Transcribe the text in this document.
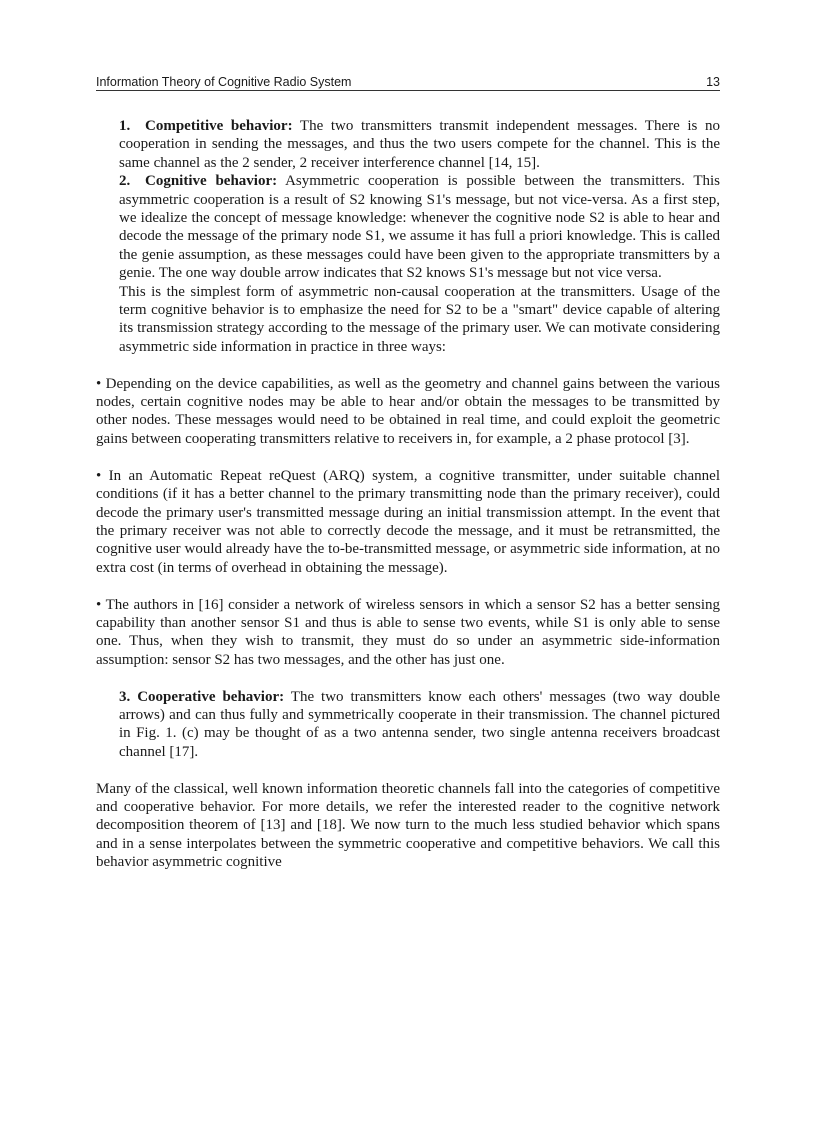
Information Theory of Cognitive Radio System	13

1. Competitive behavior: The two transmitters transmit independent messages. There is no cooperation in sending the messages, and thus the two users compete for the channel. This is the same channel as the 2 sender, 2 receiver interference channel [14, 15].

2. Cognitive behavior: Asymmetric cooperation is possible between the transmitters. This asymmetric cooperation is a result of S2 knowing S1's message, but not vice-versa. As a first step, we idealize the concept of message knowledge: whenever the cognitive node S2 is able to hear and decode the message of the primary node S1, we assume it has full a priori knowledge. This is called the genie assumption, as these messages could have been given to the appropriate transmitters by a genie. The one way double arrow indicates that S2 knows S1's message but not vice versa.

This is the simplest form of asymmetric non-causal cooperation at the transmitters. Usage of the term cognitive behavior is to emphasize the need for S2 to be a "smart" device capable of altering its transmission strategy according to the message of the primary user. We can motivate considering asymmetric side information in practice in three ways:

• Depending on the device capabilities, as well as the geometry and channel gains between the various nodes, certain cognitive nodes may be able to hear and/or obtain the messages to be transmitted by other nodes. These messages would need to be obtained in real time, and could exploit the geometric gains between cooperating transmitters relative to receivers in, for example, a 2 phase protocol [3].

• In an Automatic Repeat reQuest (ARQ) system, a cognitive transmitter, under suitable channel conditions (if it has a better channel to the primary transmitting node than the primary receiver), could decode the primary user's transmitted message during an initial transmission attempt. In the event that the primary receiver was not able to correctly decode the message, and it must be retransmitted, the cognitive user would already have the to-be-transmitted message, or asymmetric side information, at no extra cost (in terms of overhead in obtaining the message).

• The authors in [16] consider a network of wireless sensors in which a sensor S2 has a better sensing capability than another sensor S1 and thus is able to sense two events, while S1 is only able to sense one. Thus, when they wish to transmit, they must do so under an asymmetric side-information assumption: sensor S2 has two messages, and the other has just one.

3. Cooperative behavior: The two transmitters know each others' messages (two way double arrows) and can thus fully and symmetrically cooperate in their transmission. The channel pictured in Fig. 1. (c) may be thought of as a two antenna sender, two single antenna receivers broadcast channel [17].

Many of the classical, well known information theoretic channels fall into the categories of competitive and cooperative behavior. For more details, we refer the interested reader to the cognitive network decomposition theorem of [13] and [18]. We now turn to the much less studied behavior which spans and in a sense interpolates between the symmetric cooperative and competitive behaviors. We call this behavior asymmetric cognitive
